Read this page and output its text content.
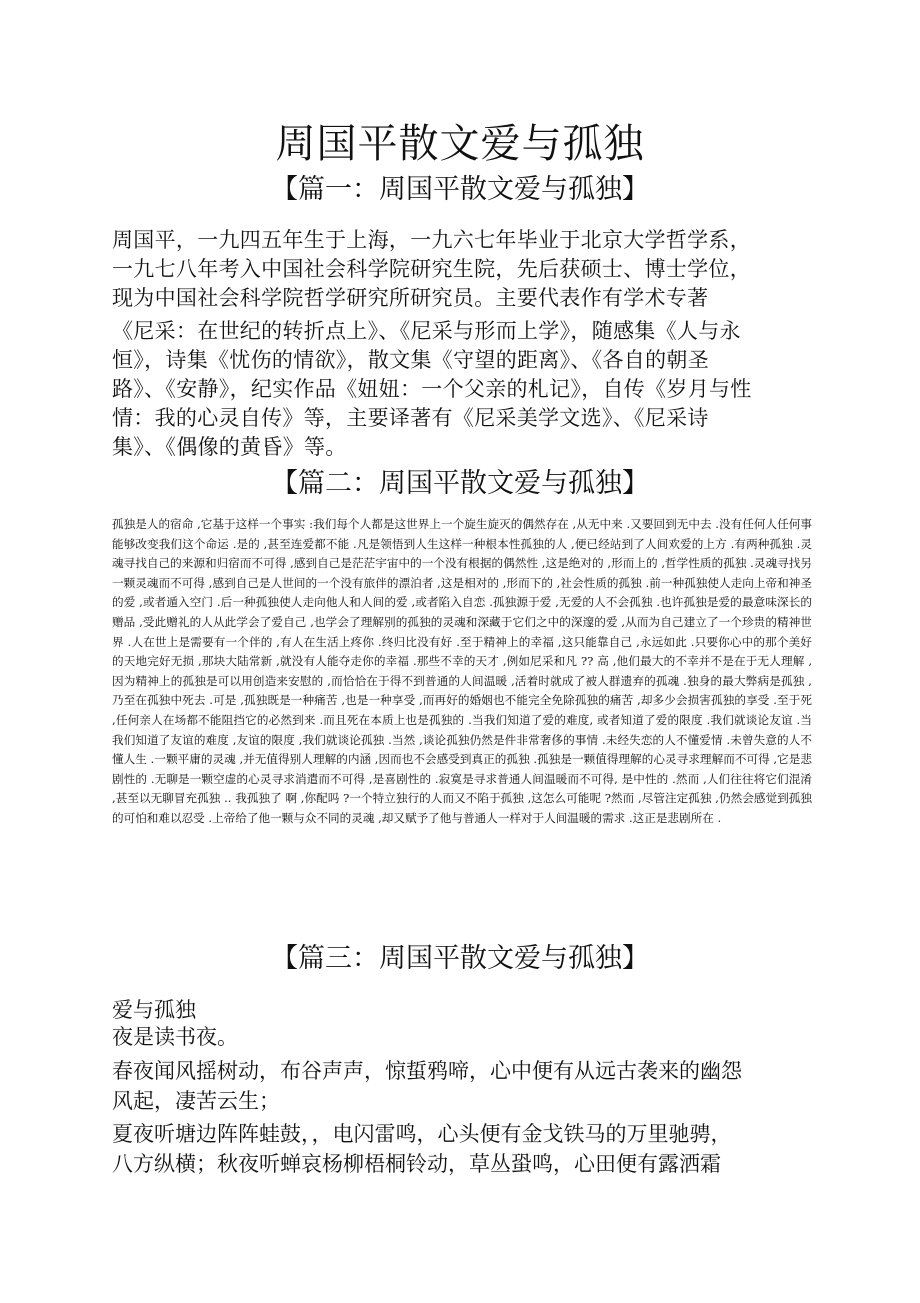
周国平散文爱与孤独
【篇一：周国平散文爱与孤独】

周国平，一九四五年生于上海，一九六七年毕业于北京大学哲学系，一九七八年考入中国社会科学院研究生院，先后获硕士、博士学位，现为中国社会科学院哲学研究所研究员。主要代表作有学术专著

《尼采：在世纪的转折点上》、《尼采与形而上学》，随感集《人与永恒》，诗集《忧伤的情欲》，散文集《守望的距离》、《各自的朝圣路》、《安静》，纪实作品《妞妞：一个父亲的札记》，自传《岁月与性情：我的心灵自传》等，主要译著有《尼采美学文选》、《尼采诗集》、《偶像的黄昏》等。

【篇二：周国平散文爱与孤独】

孤独是人的宿命 ,它基于这样一个事实 :我们每个人都是这世界上一个旋生旋灭的偶然存在 ,从无中来 .又要回到无中去 .没有任何人任何事能够改变我们这个命运 .是的 ,甚至连爱都不能 .凡是领悟到人生这样一种根本性孤独的人 ,便已经站到了人间欢爱的上方 .有两种孤独 .灵魂寻找自己的来源和归宿而不可得 ,感到自己是茫茫宇宙中的一个没有根据的偶然性 ,这是绝对的 ,形而上的 ,哲学性质的孤独 .灵魂寻找另一颗灵魂而不可得 ,感到自己是人世间的一个没有旅伴的漂泊者 ,这是相对的 ,形而下的 ,社会性质的孤独 .前一种孤独使人走向上帝和神圣的爱 ,或者遁入空门 .后一种孤独使人走向他人和人间的爱 ,或者陷入自恋 .孤独源于爱 ,无爱的人不会孤独 .也许孤独是爱的最意味深长的赠品 ,受此赠礼的人从此学会了爱自己 ,也学会了理解别的孤独的灵魂和深藏于它们之中的深邃的爱 ,从而为自己建立了一个珍贵的精神世界 .人在世上是需要有一个伴的 ,有人在生活上疼你 .终归比没有好 .至于精神上的幸福 ,这只能靠自己 ,永远如此 .只要你心中的那个美好的天地完好无损 ,那块大陆常新 ,就没有人能夺走你的幸福 .那些不幸的天才 ,例如尼采和凡 ?? 高 ,他们最大的不幸并不是在于无人理解 ,因为精神上的孤独是可以用创造来安慰的 ,而恰恰在于得不到普通的人间温暖 ,活着时就成了被人群遗弃的孤魂 .独身的最大弊病是孤独 ,乃至在孤独中死去 .可是 ,孤独既是一种痛苦 ,也是一种享受 ,而再好的婚姻也不能完全免除孤独的痛苦 ,却多少会损害孤独的享受 .至于死 ,任何亲人在场都不能阻挡它的必然到来 .而且死在本质上也是孤独的 .当我们知道了爱的难度, 或者知道了爱的限度 .我们就谈论友谊 .当我们知道了友谊的难度 ,友谊的限度 ,我们就谈论孤独 .当然 ,谈论孤独仍然是件非常奢侈的事情 .未经失恋的人不懂爱情 .未曾失意的人不懂人生 .一颗平庸的灵魂 ,并无值得别人理解的内涵 ,因而也不会感受到真正的孤独 .孤独是一颗值得理解的心灵寻求理解而不可得 ,它是悲剧性的 .无聊是一颗空虚的心灵寻求消遣而不可得 ,是喜剧性的 .寂寞是寻求普通人间温暖而不可得, 是中性的 .然而 ,人们往往将它们混淆 ,甚至以无聊冒充孤独 .. 我孤独了 啊 ,你配吗 ?一个特立独行的人而又不陷于孤独 ,这怎么可能呢 ?然而 ,尽管注定孤独 ,仍然会感觉到孤独的可怕和难以忍受 .上帝给了他一颗与众不同的灵魂 ,却又赋予了他与普通人一样对于人间温暖的需求 .这正是悲剧所在 .

【篇三：周国平散文爱与孤独】

爱与孤独

夜是读书夜。

春夜闻风摇树动，布谷声声，惊蜇鸦啼，心中便有从远古袭来的幽怨风起，凄苦云生；

夏夜听塘边阵阵蛙鼓，，电闪雷鸣，心头便有金戈铁马的万里驰骋，八方纵横；秋夜听蝉哀杨柳梧桐铃动，草丛蛩鸣，心田便有露洒霜
